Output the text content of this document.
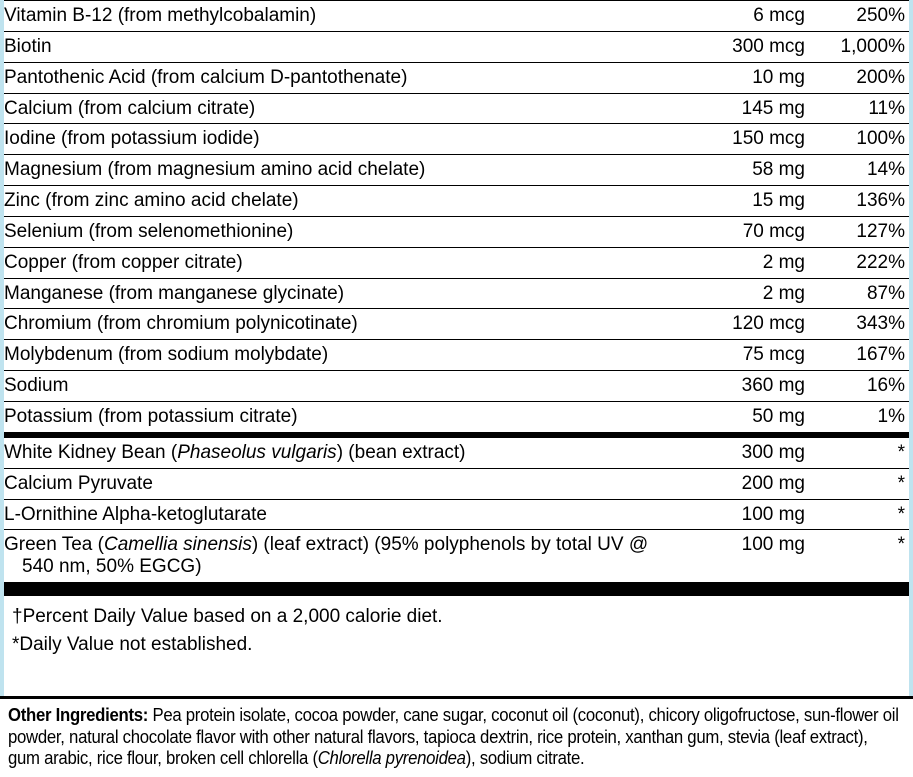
Vitamin B-12 (from methylcobalamin)	6 mcg	250%
Biotin	300 mcg	1,000%
Pantothenic Acid (from calcium D-pantothenate)	10 mg	200%
Calcium (from calcium citrate)	145 mg	11%
Iodine (from potassium iodide)	150 mcg	100%
Magnesium (from magnesium amino acid chelate)	58 mg	14%
Zinc (from zinc amino acid chelate)	15 mg	136%
Selenium (from selenomethionine)	70 mcg	127%
Copper (from copper citrate)	2 mg	222%
Manganese (from manganese glycinate)	2 mg	87%
Chromium (from chromium polynicotinate)	120 mcg	343%
Molybdenum (from sodium molybdate)	75 mcg	167%
Sodium	360 mg	16%
Potassium (from potassium citrate)	50 mg	1%
White Kidney Bean (Phaseolus vulgaris) (bean extract)	300 mg	*
Calcium Pyruvate	200 mg	*
L-Ornithine Alpha-ketoglutarate	100 mg	*

Green Tea (Camellia sinensis) (leaf extract) (95% polyphenols by total UV @
540 nm, 50% EGCG)	100 mg	*
†Percent Daily Value based on a 2,000 calorie diet.
*Daily Value not established.
Other Ingredients: Pea protein isolate, cocoa powder, cane sugar, coconut oil (coconut), chicory oligofructose, sun-flower oil powder, natural chocolate flavor with other natural flavors, tapioca dextrin, rice protein, xanthan gum, stevia (leaf extract), gum arabic, rice flour, broken cell chlorella (Chlorella pyrenoidea), sodium citrate.
